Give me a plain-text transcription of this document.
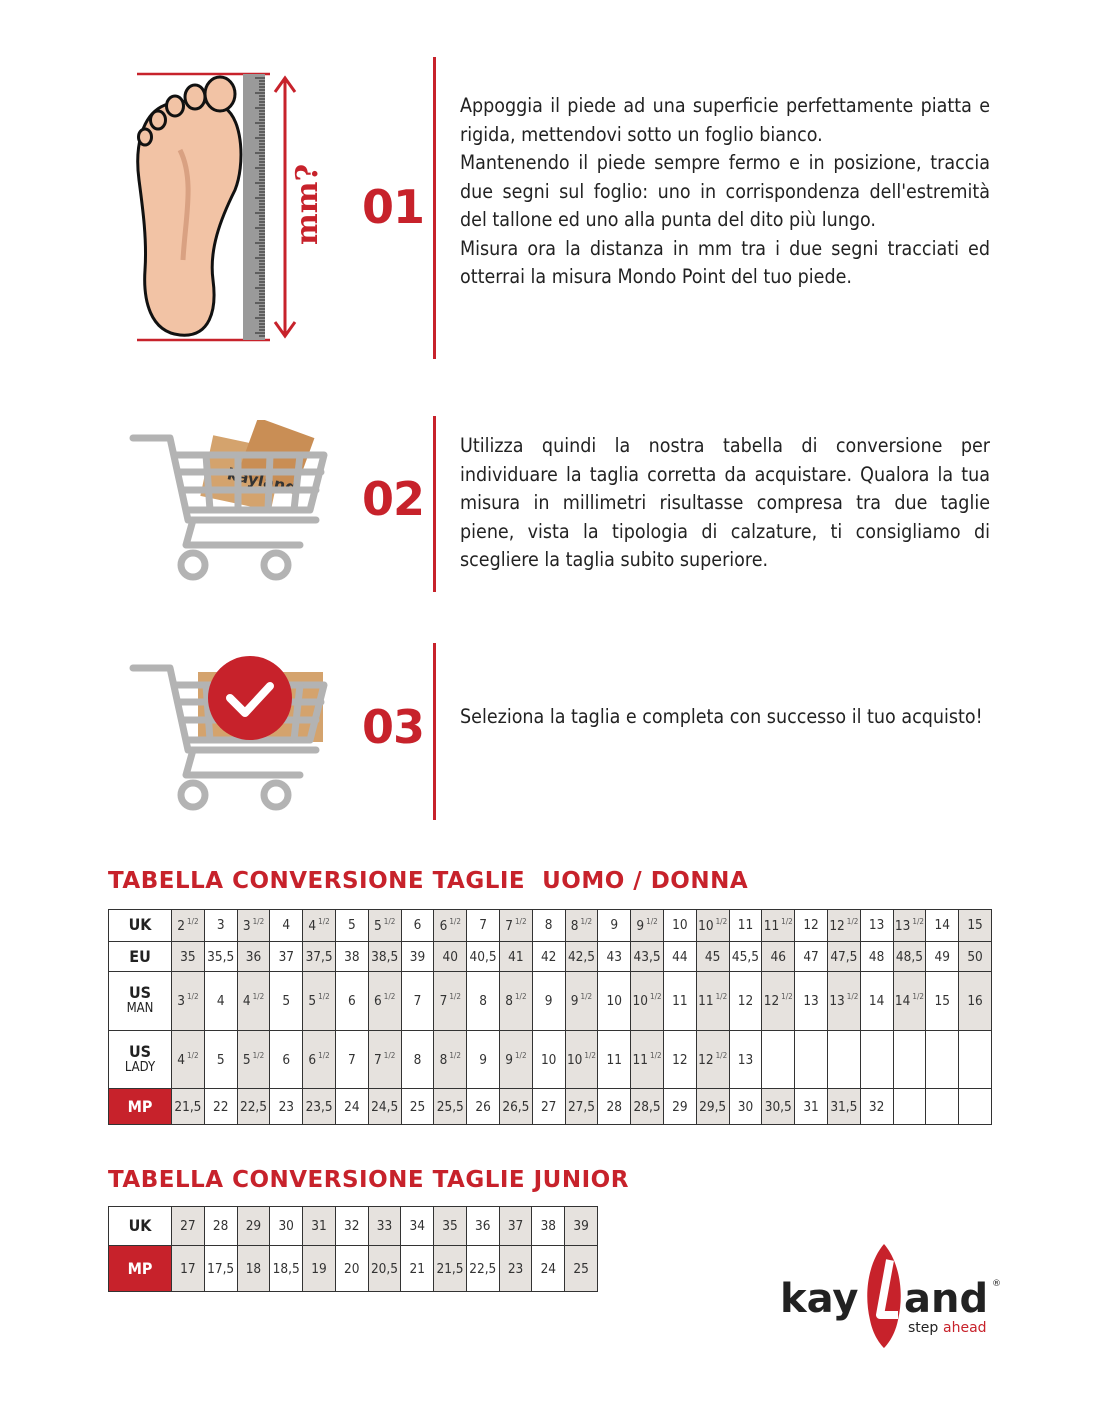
mm? 01

Appoggia il piede ad una superficie perfettamente piatta e rigida, mettendovi sotto un foglio bianco.

Mantenendo il piede sempre fermo e in posizione, traccia due segni sul foglio: uno in corrispondenza dell'estremità del tallone ed uno alla punta del dito più lungo.

Misura ora la distanza in mm tra i due segni tracciati ed otterrai la misura Mondo Point del tuo piede.

kayland 02

Utilizza quindi la nostra tabella di conversione per individuare la taglia corretta da acquistare. Qualora la tua misura in millimetri risultasse compresa tra due taglie piene, vista la tipologia di calzature, ti consigliamo di scegliere la taglia subito superiore.

03 Seleziona la taglia e completa con successo il tuo acquisto!

TABELLA CONVERSIONE TAGLIE  UOMO / DONNA
UK	2 $^{1/2}$	3	3 $^{1/2}$	4	4 $^{1/2}$	5	5 $^{1/2}$	6	6 $^{1/2}$	7	7 $^{1/2}$	8	8 $^{1/2}$	9	9 $^{1/2}$	10	10 $^{1/2}$	11	11 $^{1/2}$	12	12 $^{1/2}$	13	13 $^{1/2}$	14	15
EU	35	35,5	36	37	37,5	38	38,5	39	40	40,5	41	42	42,5	43	43,5	44	45	45,5	46	47	47,5	48	48,5	49	50
US
MAN	3 $^{1/2}$	4	4 $^{1/2}$	5	5 $^{1/2}$	6	6 $^{1/2}$	7	7 $^{1/2}$	8	8 $^{1/2}$	9	9 $^{1/2}$	10	10 $^{1/2}$	11	11 $^{1/2}$	12	12 $^{1/2}$	13	13 $^{1/2}$	14	14 $^{1/2}$	15	16
US
LADY	4 $^{1/2}$	5	5 $^{1/2}$	6	6 $^{1/2}$	7	7 $^{1/2}$	8	8 $^{1/2}$	9	9 $^{1/2}$	10	10 $^{1/2}$	11	11 $^{1/2}$	12	12 $^{1/2}$	13							
MP	21,5	22	22,5	23	23,5	24	24,5	25	25,5	26	26,5	27	27,5	28	28,5	29	29,5	30	30,5	31	31,5	32			
TABELLA CONVERSIONE TAGLIE JUNIOR
UK	27	28	29	30	31	32	33	34	35	36	37	38	39
MP	17	17,5	18	18,5	19	20	20,5	21	21,5	22,5	23	24	25
kay and ®
step ahead
